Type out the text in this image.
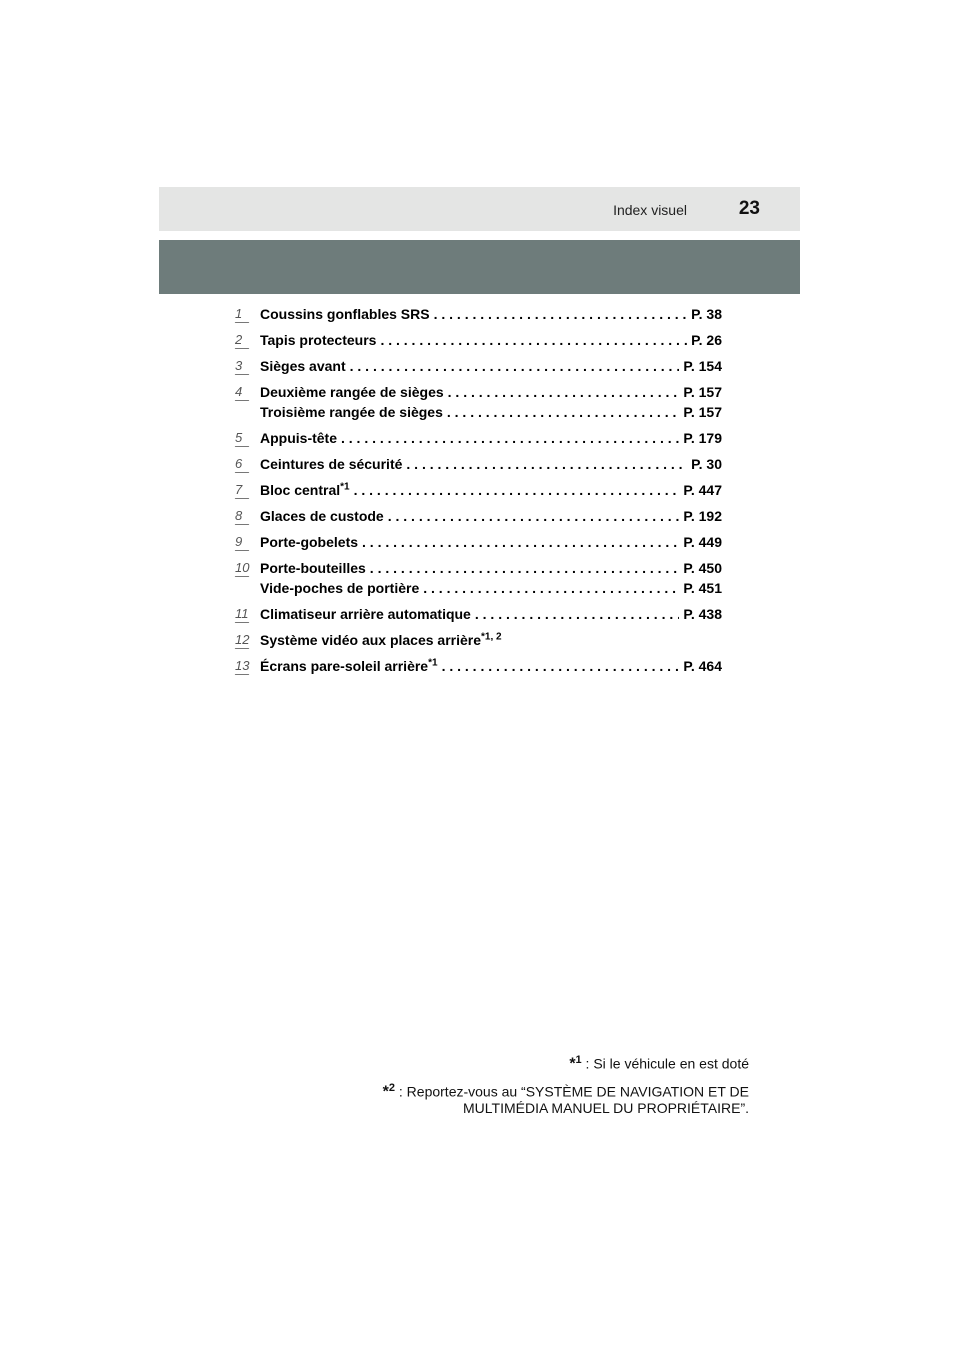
Index visuel	23
1	Coussins gonflables SRS . . .	P. 38
2	Tapis protecteurs . . .	P. 26
3	Sièges avant . . .	P. 154
4	Deuxième rangée de sièges . . .	P. 157
Troisième rangée de sièges . . .	P. 157
5	Appuis-tête . . .	P. 179
6	Ceintures de sécurité . . .	P. 30
7	Bloc central$^{*1}$ . . .	P. 447
8	Glaces de custode . . .	P. 192
9	Porte-gobelets . . .	P. 449
10 Porte-bouteilles . . .	P. 450
Vide-poches de portière . . .	P. 451
11 Climatiseur arrière automatique . . .	P. 438
12 Système vidéo aux places arrière$^{*1, 2}$
13 Écrans pare-soleil arrière$^{*1}$ . . .	P. 464
*$^1$ : Si le véhicule en est doté
*$^2$ : Reportez-vous au “SYSTÈME DE NAVIGATION ET DE
MULTIMÉDIA MANUEL DU PROPRIÉTAIRE”.
